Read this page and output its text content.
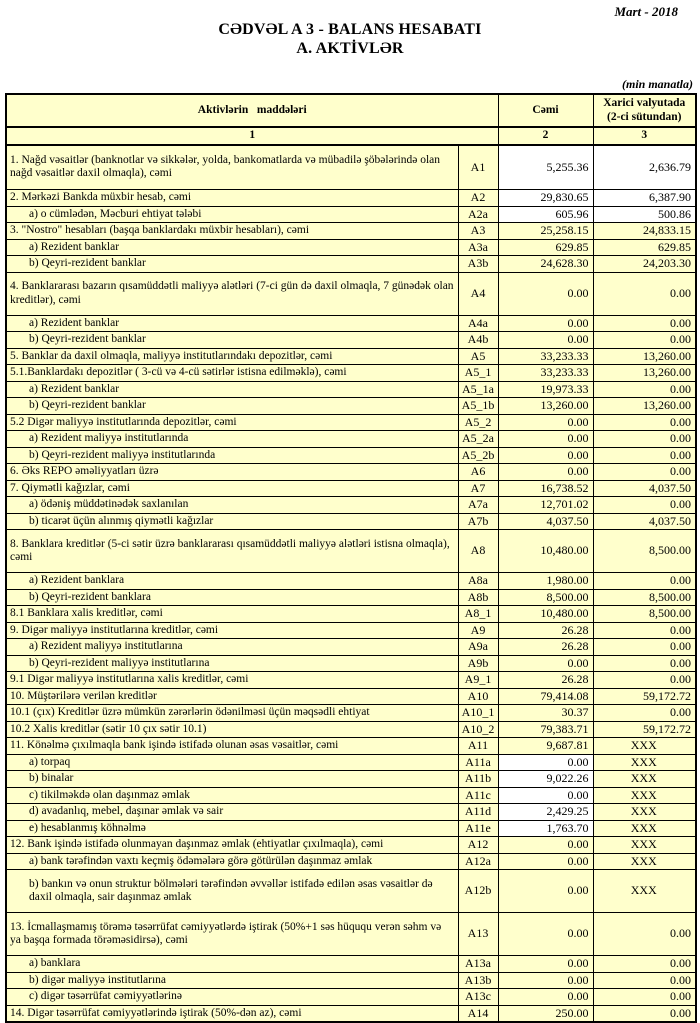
Mart - 2018
CƏDVƏL A 3 - BALANS HESABATI
A. AKTİVLƏR
(min manatla)
Aktivlərin   maddələri		Cəmi	Xarici valyutada (2-ci sütundan)
1		2	3
1. Nağd vəsaitlər (banknotlar və sikkələr, yolda, bankomatlarda və mübadilə şöbələrində olan nağd vəsaitlər daxil olmaqla), cəmi	A1	5,255.36	2,636.79
2. Mərkəzi Bankda müxbir hesab, cəmi	A2	29,830.65	6,387.90
a) o cümlədən, Məcburi ehtiyat tələbi	A2a	605.96	500.86
3. "Nostro" hesabları (başqa banklardakı müxbir hesabları), cəmi	A3	25,258.15	24,833.15
a) Rezident banklar	A3a	629.85	629.85
b) Qeyri-rezident banklar	A3b	24,628.30	24,203.30
4. Banklararası bazarın qısamüddətli maliyyə alətləri (7-ci gün də daxil olmaqla, 7 günədək olan kreditlər), cəmi	A4	0.00	0.00
a) Rezident banklar	A4a	0.00	0.00
b) Qeyri-rezident banklar	A4b	0.00	0.00
5. Banklar da daxil olmaqla, maliyyə institutlarındakı depozitlər, cəmi	A5	33,233.33	13,260.00
5.1.Banklardakı depozitlər ( 3-cü və 4-cü sətirlər istisna edilməklə), cəmi	A5_1	33,233.33	13,260.00
a) Rezident banklar	A5_1a	19,973.33	0.00
b) Qeyri-rezident banklar	A5_1b	13,260.00	13,260.00
5.2 Digər maliyyə institutlarında depozitlər, cəmi	A5_2	0.00	0.00
a) Rezident maliyyə institutlarında	A5_2a	0.00	0.00
b) Qeyri-rezident maliyyə institutlarında	A5_2b	0.00	0.00
6. Əks REPO əməliyyatları üzrə	A6	0.00	0.00
7. Qiymətli kağızlar, cəmi	A7	16,738.52	4,037.50
a) ödəniş müddətinədək saxlanılan	A7a	12,701.02	0.00
b) ticarət üçün alınmış qiymətli kağızlar	A7b	4,037.50	4,037.50
8. Banklara kreditlər (5-ci sətir üzrə banklararası qısamüddətli maliyyə alətləri istisna olmaqla), cəmi	A8	10,480.00	8,500.00
a) Rezident banklara	A8a	1,980.00	0.00
b) Qeyri-rezident banklara	A8b	8,500.00	8,500.00
8.1 Banklara xalis kreditlər, cəmi	A8_1	10,480.00	8,500.00
9. Digər maliyyə institutlarına kreditlər, cəmi	A9	26.28	0.00
a) Rezident maliyyə institutlarına	A9a	26.28	0.00
b) Qeyri-rezident maliyyə institutlarına	A9b	0.00	0.00
9.1 Digər maliyyə institutlarına xalis kreditlər, cəmi	A9_1	26.28	0.00
10. Müştərilərə verilən kreditlər	A10	79,414.08	59,172.72
10.1 (çıx) Kreditlər üzrə mümkün zərərlərin ödənilməsi üçün məqsədli ehtiyat	A10_1	30.37	0.00
10.2 Xalis kreditlər (sətir 10 çıx sətir 10.1)	A10_2	79,383.71	59,172.72
11. Könəlmə çıxılmaqla bank işində istifadə olunan əsas vəsaitlər, cəmi	A11	9,687.81	XXX
a) torpaq	A11a	0.00	XXX
b) binalar	A11b	9,022.26	XXX
c) tikilməkdə olan daşınmaz əmlak	A11c	0.00	XXX
d) avadanlıq, mebel, daşınar əmlak və sair	A11d	2,429.25	XXX
e) hesablanmış köhnəlmə	A11e	1,763.70	XXX
12. Bank işində istifadə olunmayan daşınmaz əmlak (ehtiyatlar çıxılmaqla), cəmi	A12	0.00	XXX
a) bank tərəfindən vaxtı keçmiş ödəmələrə görə götürülən daşınmaz əmlak	A12a	0.00	XXX
b) bankın və onun struktur bölmələri tərəfindən əvvəllər istifadə edilən əsas vəsaitlər də daxil olmaqla, sair daşınmaz əmlak	A12b	0.00	XXX
13. İcmallaşmamış törəmə təsərrüfat cəmiyyətlərdə iştirak (50%+1 səs hüququ verən səhm və ya başqa formada törəməsidirsə), cəmi	A13	0.00	0.00
a) banklara	A13a	0.00	0.00
b) digər maliyyə institutlarına	A13b	0.00	0.00
c) digər təsərrüfat cəmiyyətlərinə	A13c	0.00	0.00
14. Digər təsərrüfat cəmiyyətlərində iştirak (50%-dən az), cəmi	A14	250.00	0.00
